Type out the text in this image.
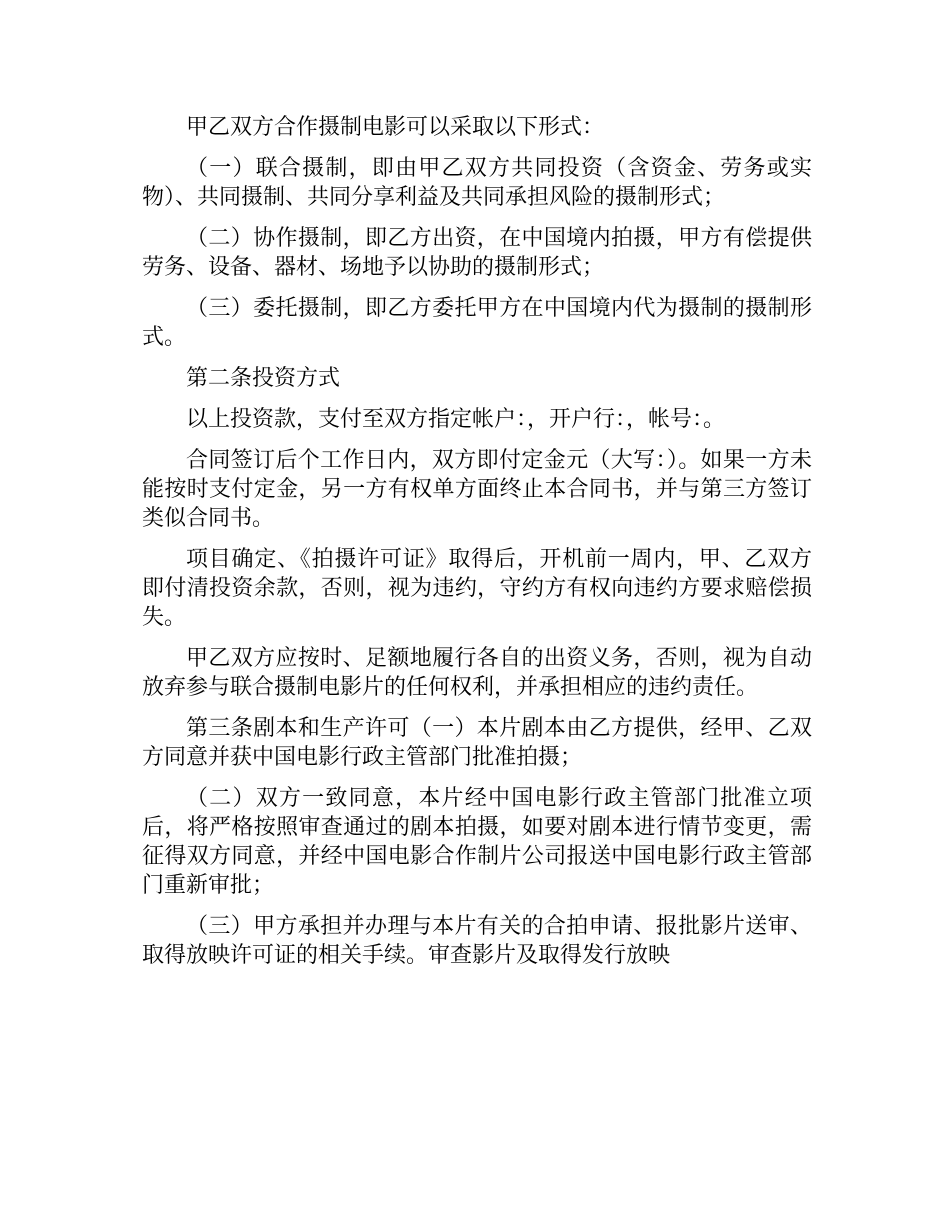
甲乙双方合作摄制电影可以采取以下形式：

（一）联合摄制，即由甲乙双方共同投资（含资金、劳务或实物）、共同摄制、共同分享利益及共同承担风险的摄制形式；

（二）协作摄制，即乙方出资，在中国境内拍摄，甲方有偿提供劳务、设备、器材、场地予以协助的摄制形式；

（三）委托摄制，即乙方委托甲方在中国境内代为摄制的摄制形式。

第二条投资方式

以上投资款，支付至双方指定帐户：，开户行：，帐号：。

合同签订后个工作日内，双方即付定金元（大写：）。如果一方未能按时支付定金，另一方有权单方面终止本合同书，并与第三方签订类似合同书。

项目确定、《拍摄许可证》取得后，开机前一周内，甲、乙双方即付清投资余款，否则，视为违约，守约方有权向违约方要求赔偿损失。

甲乙双方应按时、足额地履行各自的出资义务，否则，视为自动放弃参与联合摄制电影片的任何权利，并承担相应的违约责任。

第三条剧本和生产许可（一）本片剧本由乙方提供，经甲、乙双方同意并获中国电影行政主管部门批准拍摄；

（二）双方一致同意，本片经中国电影行政主管部门批准立项后，将严格按照审查通过的剧本拍摄，如要对剧本进行情节变更，需征得双方同意，并经中国电影合作制片公司报送中国电影行政主管部门重新审批；

（三）甲方承担并办理与本片有关的合拍申请、报批影片送审、取得放映许可证的相关手续。审查影片及取得发行放映
